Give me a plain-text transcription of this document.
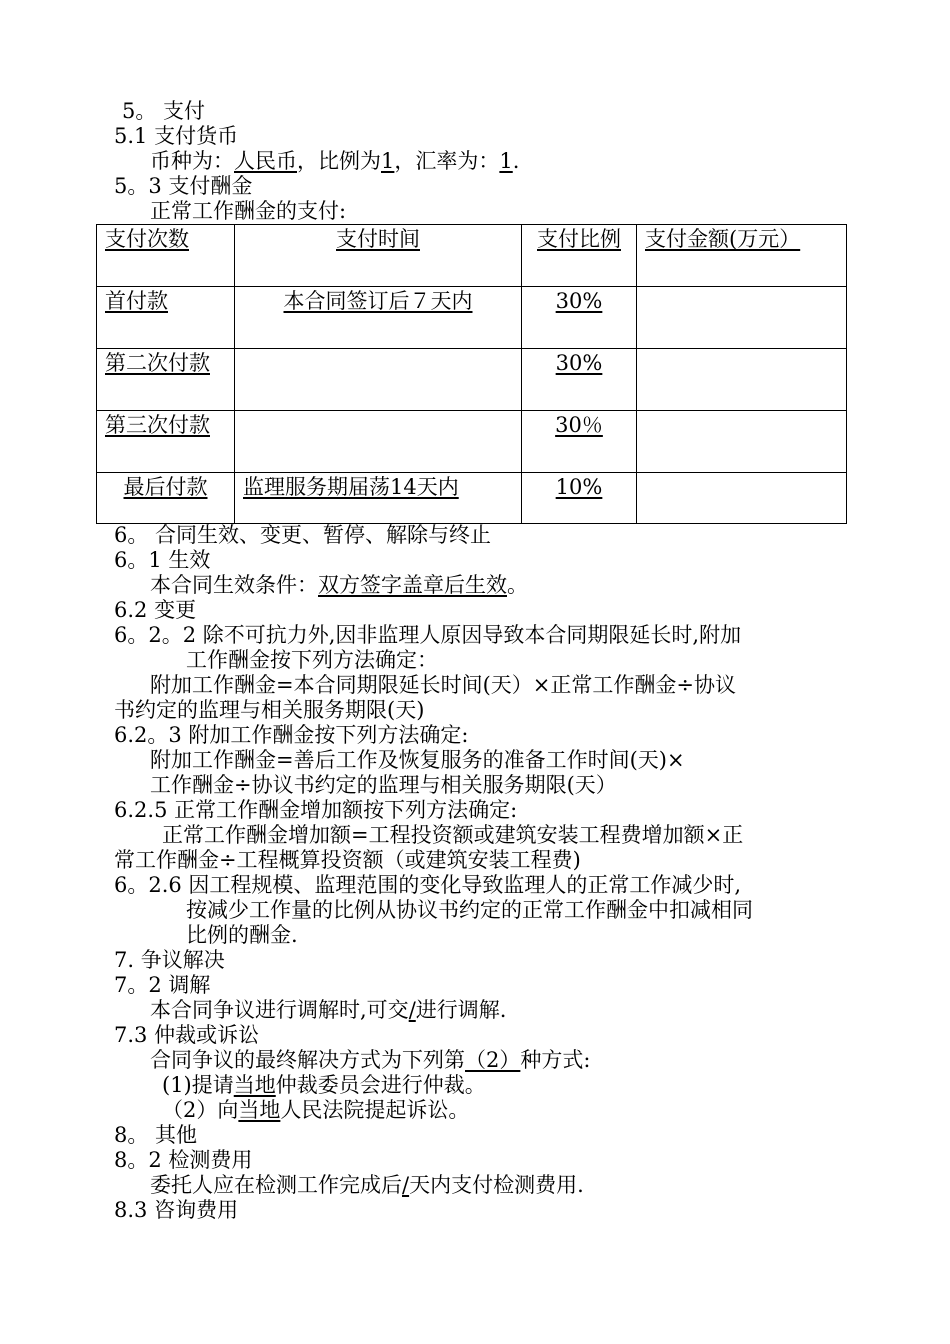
5。 支付
5.1 支付货币
币种为：人民币，比例为1，汇率为：1.
5。3 支付酬金
正常工作酬金的支付:
支付次数	支付时间	支付比例	支付金额(万元）
首付款	本合同签订后７天内	30%	
第二次付款		30%	
第三次付款		30％	
最后付款	监理服务期届荡14天内	10%	
6。 合同生效、变更、暂停、解除与终止
6。1 生效
本合同生效条件：双方签字盖章后生效。
6.2 变更
6。2。2 除不可抗力外,因非监理人原因导致本合同期限延长时,附加
工作酬金按下列方法确定：
附加工作酬金=本合同期限延长时间(天）×正常工作酬金÷协议
书约定的监理与相关服务期限(天)
6.2。3 附加工作酬金按下列方法确定:
附加工作酬金=善后工作及恢复服务的准备工作时间(天)×
工作酬金÷协议书约定的监理与相关服务期限(天）
6.2.5 正常工作酬金增加额按下列方法确定:
正常工作酬金增加额=工程投资额或建筑安装工程费增加额×正
常工作酬金÷工程概算投资额（或建筑安装工程费)
6。2.6 因工程规模、监理范围的变化导致监理人的正常工作减少时,
按减少工作量的比例从协议书约定的正常工作酬金中扣减相同
比例的酬金.
7. 争议解决
7。2 调解
本合同争议进行调解时,可交/进行调解.
7.3 仲裁或诉讼
合同争议的最终解决方式为下列第（2）种方式:
(1)提请当地仲裁委员会进行仲裁。
（2）向当地人民法院提起诉讼。
8。 其他
8。2 检测费用
委托人应在检测工作完成后/天内支付检测费用.
8.3 咨询费用
